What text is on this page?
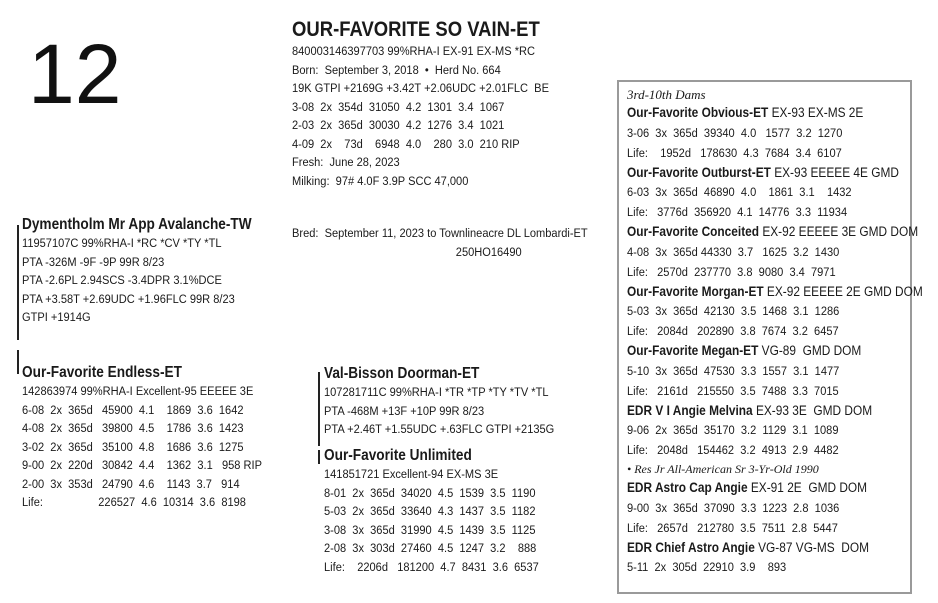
12	OUR-FAVORITE SO VAIN-ET
840003146397703 99%RHA-I EX-91 EX-MS *RC
Born:  September 3, 2018  •  Herd No. 664
19K GTPI +2169G +3.42T +2.06UDC +2.01FLC  BE
3-08  2x  354d  31050  4.2  1301  3.4  1067
2-03  2x  365d  30030  4.2  1276  3.4  1021
4-09  2x    73d    6948  4.0    280  3.0  210 RIP
Fresh:  June 28, 2023
Milking:  97# 4.0F 3.9P SCC 47,000
Bred:  September 11, 2023 to Townlineacre DL Lombardi-ET
250HO16490
Dymentholm Mr App Avalanche-TW
11957107C 99%RHA-I *RC *CV *TY *TL
PTA -326M -9F -9P 99R 8/23
PTA -2.6PL 2.94SCS -3.4DPR 3.1%DCE
PTA +3.58T +2.69UDC +1.96FLC 99R 8/23
GTPI +1914G
Our-Favorite Endless-ET
142863974 99%RHA-I Excellent-95 EEEEE 3E
6-08  2x  365d   45900  4.1    1869  3.6  1642
4-08  2x  365d   39800  4.5    1786  3.6  1423
3-02  2x  365d   35100  4.8    1686  3.6  1275
9-00  2x  220d   30842  4.4    1362  3.1   958 RIP
2-00  3x  353d   24790  4.6    1143  3.7   914
Life:                  226527  4.6  10314  3.6  8198
Val-Bisson Doorman-ET
107281711C 99%RHA-I *TR *TP *TY *TV *TL
PTA -468M +13F +10P 99R 8/23
PTA +2.46T +1.55UDC +.63FLC GTPI +2135G
Our-Favorite Unlimited
141851721 Excellent-94 EX-MS 3E
8-01  2x  365d  34020  4.5  1539  3.5  1190
5-03  2x  365d  33640  4.3  1437  3.5  1182
3-08  3x  365d  31990  4.5  1439  3.5  1125
2-08  3x  303d  27460  4.5  1247  3.2    888
Life:    2206d   181200  4.7  8431  3.6  6537
3rd-10th Dams
Our-Favorite Obvious-ET EX-93 EX-MS 2E
3-06  3x  365d  39340  4.0   1577  3.2  1270
Life:    1952d   178630  4.3  7684  3.4  6107
Our-Favorite Outburst-ET EX-93 EEEEE 4E GMD
6-03  3x  365d  46890  4.0    1861  3.1    1432
Life:   3776d  356920  4.1  14776  3.3  11934
Our-Favorite Conceited EX-92 EEEEE 3E GMD DOM
4-08  3x  365d 44330  3.7   1625  3.2  1430
Life:   2570d  237770  3.8  9080  3.4  7971
Our-Favorite Morgan-ET EX-92 EEEEE 2E GMD DOM
5-03  3x  365d  42130  3.5  1468  3.1  1286
Life:   2084d   202890  3.8  7674  3.2  6457
Our-Favorite Megan-ET VG-89  GMD DOM
5-10  3x  365d  47530  3.3  1557  3.1  1477
Life:   2161d   215550  3.5  7488  3.3  7015
EDR V I Angie Melvina EX-93 3E  GMD DOM
9-06  2x  365d  35170  3.2  1129  3.1  1089
Life:   2048d   154462  3.2  4913  2.9  4482
• Res Jr All-American Sr 3-Yr-Old 1990
EDR Astro Cap Angie EX-91 2E  GMD DOM
9-00  3x  365d  37090  3.3  1223  2.8  1036
Life:   2657d   212780  3.5  7511  2.8  5447
EDR Chief Astro Angie VG-87 VG-MS  DOM
5-11  2x  305d  22910  3.9    893
